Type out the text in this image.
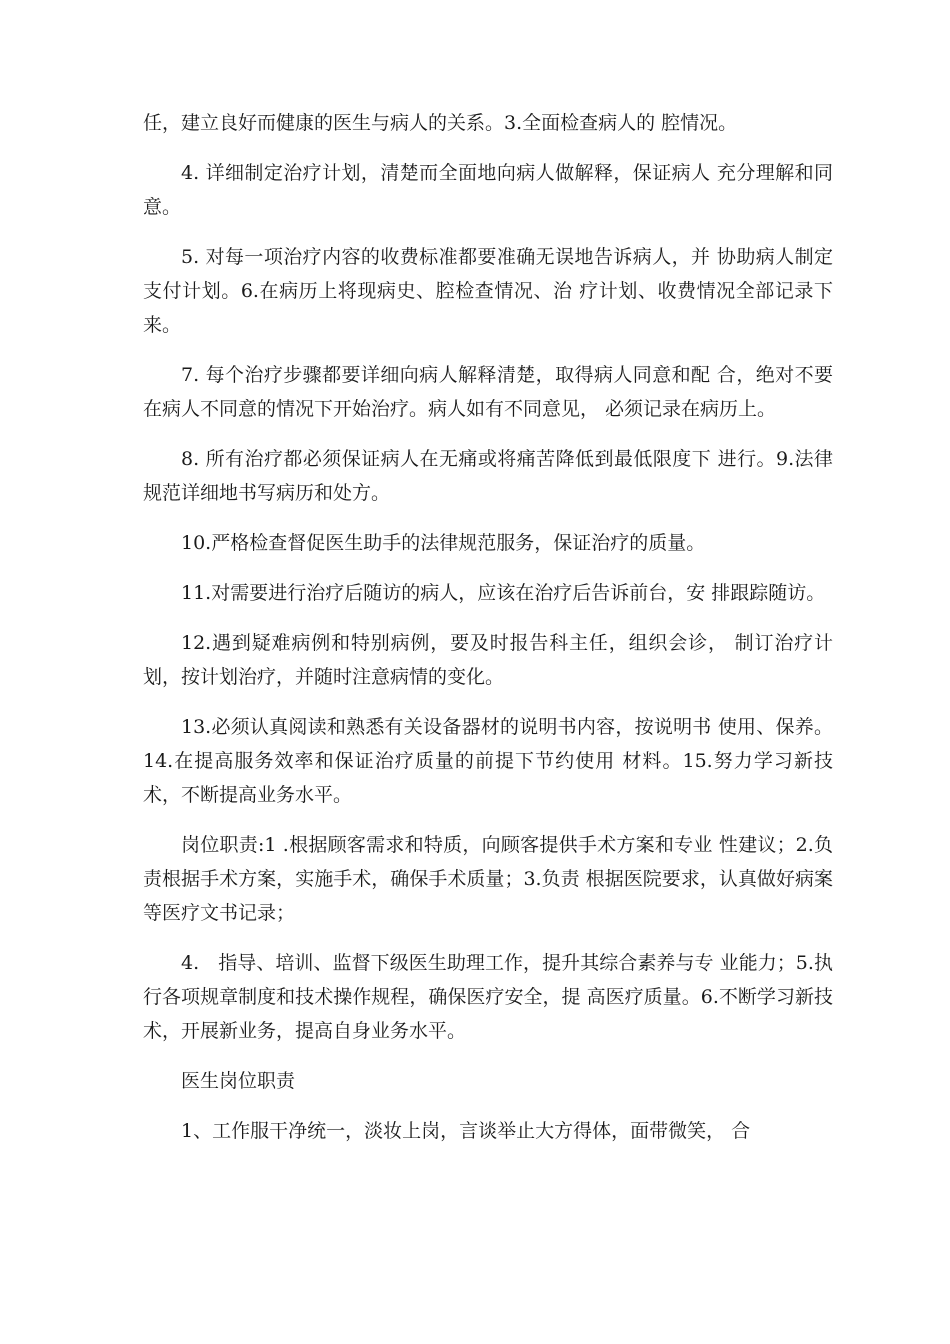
任，建立良好而健康的医生与病人的关系。3.全面检查病人的 腔情况。

4. 详细制定治疗计划，清楚而全面地向病人做解释，保证病人 充分理解和同意。

5. 对每一项治疗内容的收费标准都要准确无误地告诉病人，并 协助病人制定支付计划。6.在病历上将现病史、腔检查情况、治 疗计划、收费情况全部记录下来。

7. 每个治疗步骤都要详细向病人解释清楚，取得病人同意和配 合，绝对不要在病人不同意的情况下开始治疗。病人如有不同意见， 必须记录在病历上。

8. 所有治疗都必须保证病人在无痛或将痛苦降低到最低限度下 进行。9.法律规范详细地书写病历和处方。

10.严格检查督促医生助手的法律规范服务，保证治疗的质量。

11.对需要进行治疗后随访的病人，应该在治疗后告诉前台，安 排跟踪随访。

12.遇到疑难病例和特别病例，要及时报告科主任，组织会诊， 制订治疗计划，按计划治疗，并随时注意病情的变化。

13.必须认真阅读和熟悉有关设备器材的说明书内容，按说明书 使用、保养。14.在提高服务效率和保证治疗质量的前提下节约使用 材料。15.努力学习新技术，不断提高业务水平。

岗位职责:1 .根据顾客需求和特质，向顾客提供手术方案和专业 性建议；2.负责根据手术方案，实施手术，确保手术质量；3.负责 根据医院要求，认真做好病案等医疗文书记录；

4.　指导、培训、监督下级医生助理工作，提升其综合素养与专 业能力；5.执行各项规章制度和技术操作规程，确保医疗安全，提 高医疗质量。6.不断学习新技术，开展新业务，提高自身业务水平。

医生岗位职责

1、工作服干净统一，淡妆上岗，言谈举止大方得体，面带微笑， 合
